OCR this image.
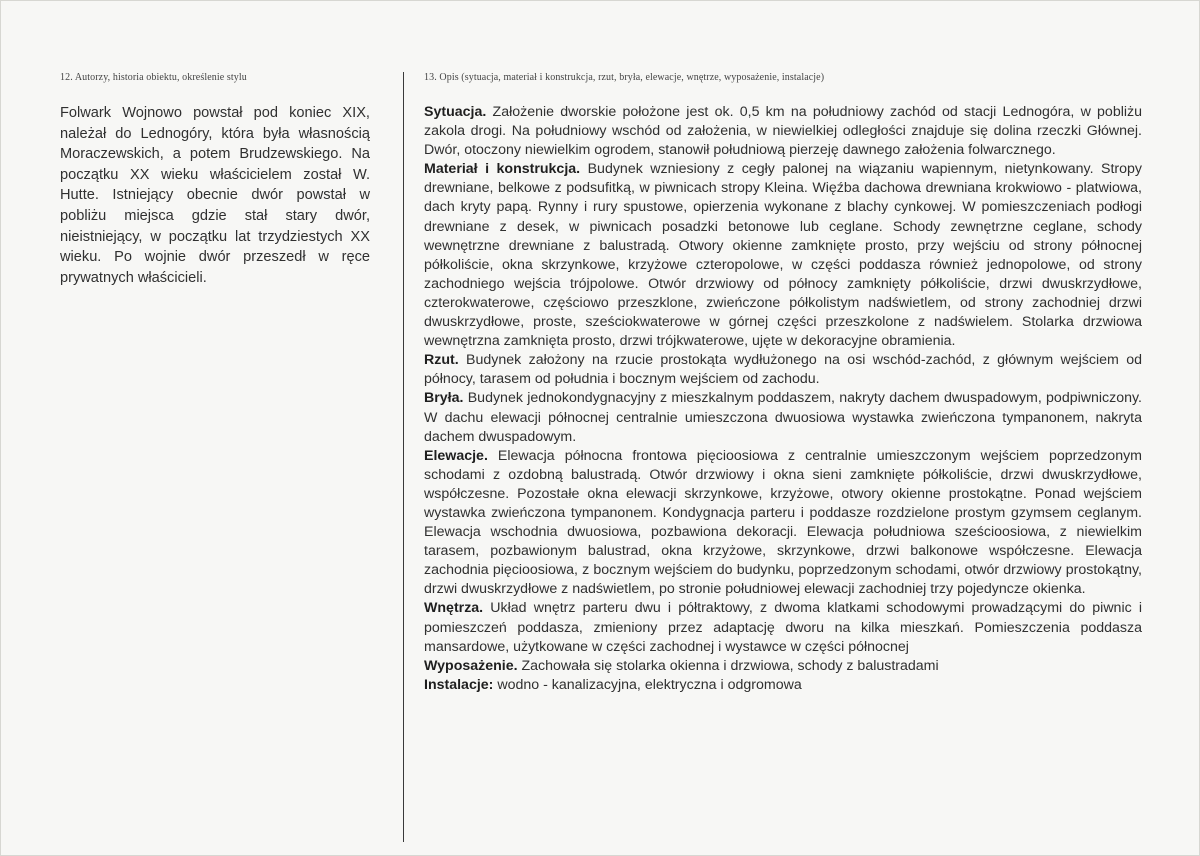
12. Autorzy, historia obiektu, określenie stylu

Folwark Wojnowo powstał pod koniec XIX, należał do Lednogóry, która była własnością Moraczewskich, a potem Brudzewskiego. Na początku XX wieku właścicielem został W. Hutte. Istniejący obecnie dwór powstał w pobliżu miejsca gdzie stał stary dwór, nieistniejący, w początku lat trzydziestych XX wieku. Po wojnie dwór przeszedł w ręce prywatnych właścicieli.

13. Opis (sytuacja, materiał i konstrukcja, rzut, bryła, elewacje, wnętrze, wyposażenie, instalacje)

Sytuacja. Założenie dworskie położone jest ok. 0,5 km na południowy zachód od stacji Lednogóra, w pobliżu zakola drogi. Na południowy wschód od założenia, w niewielkiej odległości znajduje się dolina rzeczki Głównej. Dwór, otoczony niewielkim ogrodem, stanowił południową pierzeję dawnego założenia folwarcznego.

Materiał i konstrukcja. Budynek wzniesiony z cegły palonej na wiązaniu wapiennym, nietynkowany. Stropy drewniane, belkowe z podsufitką, w piwnicach stropy Kleina. Więźba dachowa drewniana krokwiowo - platwiowa, dach kryty papą. Rynny i rury spustowe, opierzenia wykonane z blachy cynkowej. W pomieszczeniach podłogi drewniane z desek, w piwnicach posadzki betonowe lub ceglane. Schody zewnętrzne ceglane, schody wewnętrzne drewniane z balustradą. Otwory okienne zamknięte prosto, przy wejściu od strony północnej półkoliście, okna skrzynkowe, krzyżowe czteropolowe, w części poddasza również jednopolowe, od strony zachodniego wejścia trójpolowe. Otwór drzwiowy od północy zamknięty półkoliście, drzwi dwuskrzydłowe, czterokwaterowe, częściowo przeszklone, zwieńczone półkolistym nadświetlem, od strony zachodniej drzwi dwuskrzydłowe, proste, sześciokwaterowe w górnej części przeszkolone z nadświelem. Stolarka drzwiowa wewnętrzna zamknięta prosto, drzwi trójkwaterowe, ujęte w dekoracyjne obramienia.

Rzut. Budynek założony na rzucie prostokąta wydłużonego na osi wschód-zachód, z głównym wejściem od północy, tarasem od południa i bocznym wejściem od zachodu.

Bryła. Budynek jednokondygnacyjny z mieszkalnym poddaszem, nakryty dachem dwuspadowym, podpiwniczony. W dachu elewacji północnej centralnie umieszczona dwuosiowa wystawka zwieńczona tympanonem, nakryta dachem dwuspadowym.

Elewacje. Elewacja północna frontowa pięcioosiowa z centralnie umieszczonym wejściem poprzedzonym schodami z ozdobną balustradą. Otwór drzwiowy i okna sieni zamknięte półkoliście, drzwi dwuskrzydłowe, współczesne. Pozostałe okna elewacji skrzynkowe, krzyżowe, otwory okienne prostokątne. Ponad wejściem wystawka zwieńczona tympanonem. Kondygnacja parteru i poddasze rozdzielone prostym gzymsem ceglanym. Elewacja wschodnia dwuosiowa, pozbawiona dekoracji. Elewacja południowa sześcioosiowa, z niewielkim tarasem, pozbawionym balustrad, okna krzyżowe, skrzynkowe, drzwi balkonowe współczesne. Elewacja zachodnia pięcioosiowa, z bocznym wejściem do budynku, poprzedzonym schodami, otwór drzwiowy prostokątny, drzwi dwuskrzydłowe z nadświetlem, po stronie południowej elewacji zachodniej trzy pojedyncze okienka.

Wnętrza. Układ wnętrz parteru dwu i półtraktowy, z dwoma klatkami schodowymi prowadzącymi do piwnic i pomieszczeń poddasza, zmieniony przez adaptację dworu na kilka mieszkań. Pomieszczenia poddasza mansardowe, użytkowane w części zachodnej i wystawce w części północnej

Wyposażenie. Zachowała się stolarka okienna i drzwiowa, schody z balustradami

Instalacje: wodno - kanalizacyjna, elektryczna i odgromowa
